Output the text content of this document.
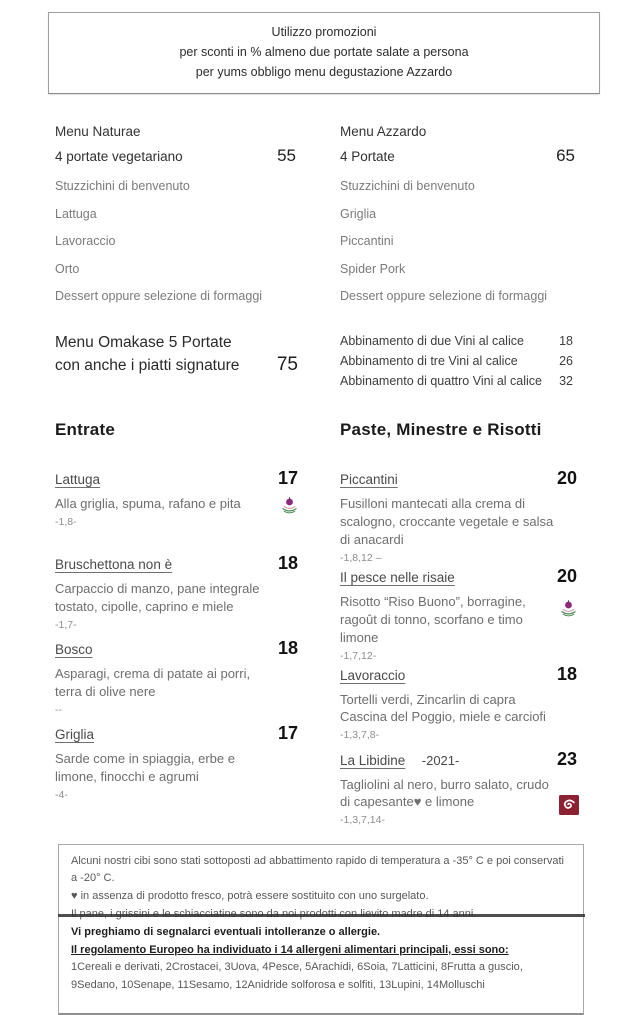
Utilizzo promozioni
per sconti in % almeno due portate salate a persona
per yums obbligo menu degustazione Azzardo
Menu Naturae
4 portate vegetariano	55
Stuzzichini di benvenuto
Lattuga
Lavoraccio
Orto
Dessert oppure selezione di formaggi
Menu Azzardo
4 Portate	65
Stuzzichini di benvenuto
Griglia
Piccantini
Spider Pork
Dessert oppure selezione di formaggi
Menu Omakase 5 Portate
con anche i piatti signature 75
Abbinamento di due Vini al calice	18
Abbinamento di tre Vini al calice	26
Abbinamento di quattro Vini al calice 32
Entrate
Lattuga	17
Alla griglia, spuma, rafano e pita
-1,8-
Bruschettona non è	18
Carpaccio di manzo, pane integrale tostato, cipolle, caprino e miele
-1,7-
Bosco	18
Asparagi, crema di patate ai porri, terra di olive nere
--
Griglia	17
Sarde come in spiaggia, erbe e limone, finocchi e agrumi
-4-
Paste, Minestre e Risotti
Piccantini	20
Fusilloni mantecati alla crema di scalogno, croccante vegetale e salsa di anacardi
-1,8,12 –
Il pesce nelle risaie	20
Risotto “Riso Buono”, borragine, ragoût di tonno, scorfano e timo limone
-1,7,12-
Lavoraccio	18
Tortelli verdi, Zincarlin di capra Cascina del Poggio, miele e carciofi
-1,3,7,8-
La Libidine -2021-	23
Tagliolini al nero, burro salato, crudo di capesante♥ e limone
-1,3,7,14-

Alcuni nostri cibi sono stati sottoposti ad abbattimento rapido di temperatura a -35° C e poi conservati a -20° C.

♥ in assenza di prodotto fresco, potrà essere sostituito con uno surgelato.

Vi preghiamo di segnalarci eventuali intolleranze o allergie.

Il regolamento Europeo ha individuato i 14 allergeni alimentari principali, essi sono:

1Cereali e derivati, 2Crostacei, 3Uova, 4Pesce, 5Arachidi, 6Soia, 7Latticini, 8Frutta a guscio, 9Sedano, 10Senape, 11Sesamo, 12Anidride solforosa e solfiti, 13Lupini, 14Molluschi
